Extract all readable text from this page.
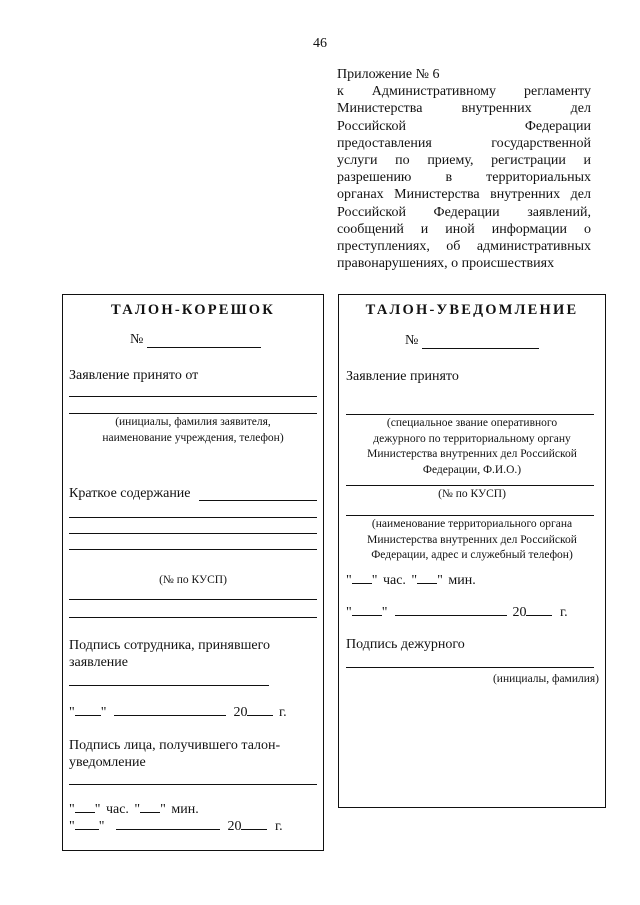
46
Приложение № 6
к Административному регламенту
Министерства внутренних дел
Российской Федерации
предоставления государственной
услуги по приему, регистрации и
разрешению в территориальных
органах Министерства внутренних дел
Российской Федерации заявлений,
сообщений и иной информации о
преступлениях, об административных
правонарушениях, о происшествиях
ТАЛОН-КОРЕШОК
№
Заявление принято от
(инициалы, фамилия заявителя,
наименование учреждения, телефон)
Краткое содержание
(№ по КУСП)
Подпись сотрудника, принявшего
заявление
" "	20 г.
Подпись лица, получившего талон-
уведомление
" " час. " " мин.
" "	20 г.
ТАЛОН-УВЕДОМЛЕНИЕ
№
Заявление принято
(специальное звание оперативного
дежурного по территориальному органу
Министерства внутренних дел Российской
Федерации, Ф.И.О.)
(№ по КУСП)
(наименование территориального органа
Министерства внутренних дел Российской
Федерации, адрес и служебный телефон)
" " час. " " мин.
" "	20 г.
Подпись дежурного
(инициалы, фамилия)
